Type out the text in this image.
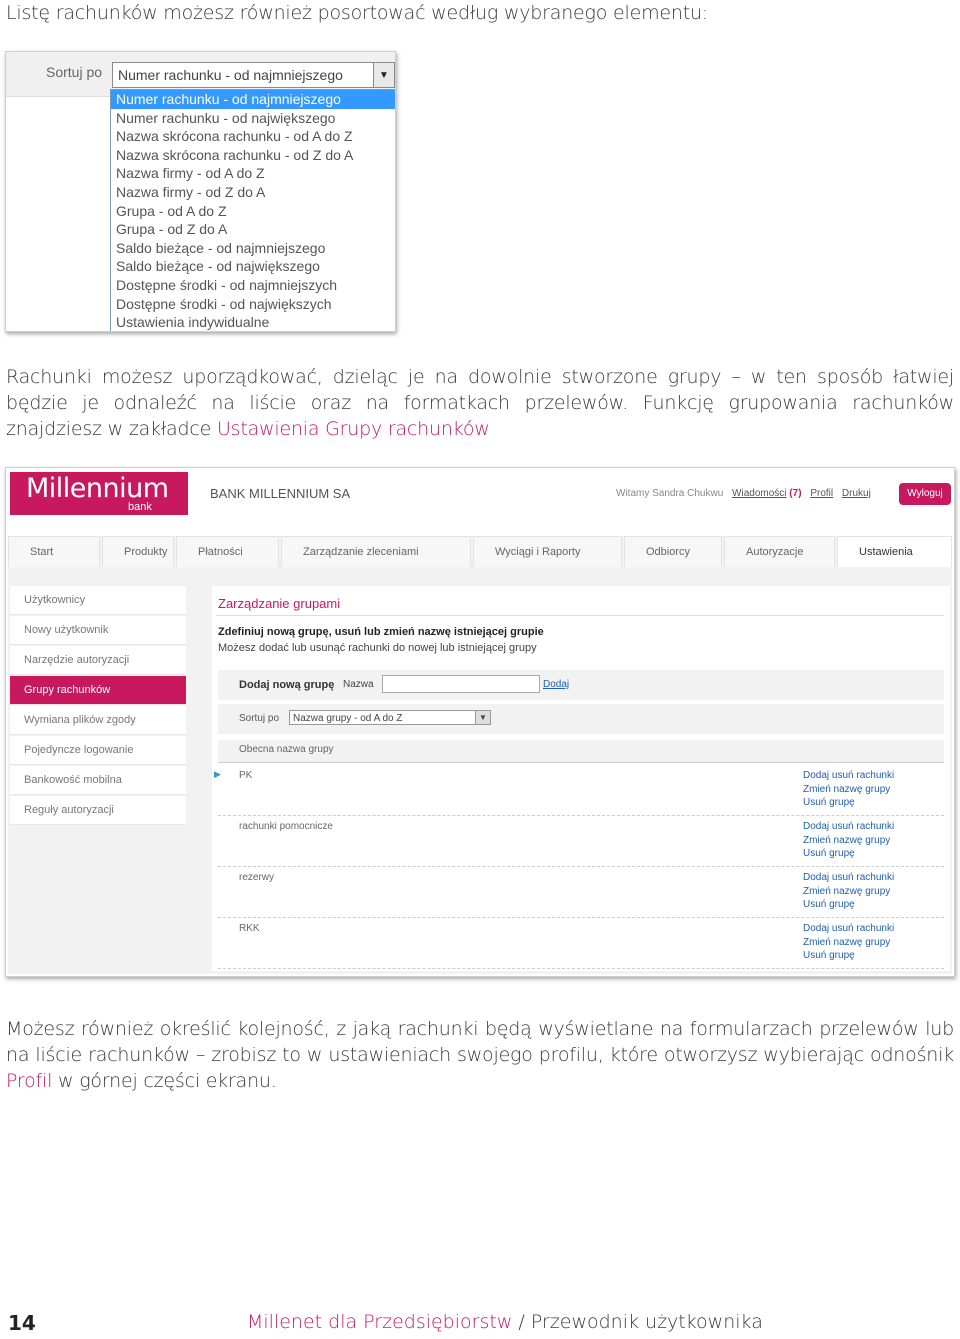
Listę rachunków możesz również posortować według wybranego elementu:
Sortuj po Numer rachunku - od najmniejszego	▼
Numer rachunku - od najmniejszego
Numer rachunku - od największego
Nazwa skrócona rachunku - od A do Z
Nazwa skrócona rachunku - od Z do A
Nazwa firmy - od A do Z
Nazwa firmy - od Z do A
Grupa - od A do Z
Grupa - od Z do A
Saldo bieżące - od najmniejszego
Saldo bieżące - od największego
Dostępne środki - od najmniejszych
Dostępne środki - od największych
Ustawienia indywidualne
Rachunki możesz uporządkować, dzieląc je na dowolnie stworzone grupy – w ten sposób łatwiej będzie je odnaleźć na liście oraz na formatkach przelewów. Funkcję grupowania rachunków znajdziesz w zakładce Ustawienia Grupy rachunków
Millennium
bank
BANK MILLENNIUM SA	Witamy Sandra Chukwu Wiadomości (7) Profil Drukuj	Wyloguj
Start	Produkty	Płatności	Zarządzanie zleceniami	Wyciągi i Raporty	Odbiorcy	Autoryzacje	Ustawienia
Użytkownicy
Nowy użytkownik
Narzędzie autoryzacji
Grupy rachunków
Wymiana plików zgody
Pojedyncze logowanie
Bankowość mobilna
Reguły autoryzacji
Zarządzanie grupami
Zdefiniuj nową grupę, usuń lub zmień nazwę istniejącej grupie
Możesz dodać lub usunąć rachunki do nowej lub istniejącej grupy
Dodaj nową grupę Nazwa	Dodaj
Sortuj po	Nazwa grupy - od A do Z	▼
Obecna nazwa grupy
▶ PK	Dodaj usuń rachunki
Zmień nazwę grupy
Usuń grupę
rachunki pomocnicze	Dodaj usuń rachunki
Zmień nazwę grupy
Usuń grupę
rezerwy	Dodaj usuń rachunki
Zmień nazwę grupy
Usuń grupę
RKK	Dodaj usuń rachunki
Zmień nazwę grupy
Usuń grupę
Możesz również określić kolejność, z jaką rachunki będą wyświetlane na formularzach przelewów lub na liście rachunków – zrobisz to w ustawieniach swojego profilu, które otworzysz wybierając odnośnik Profil w górnej części ekranu.
14	Millenet dla Przedsiębiorstw / Przewodnik użytkownika
